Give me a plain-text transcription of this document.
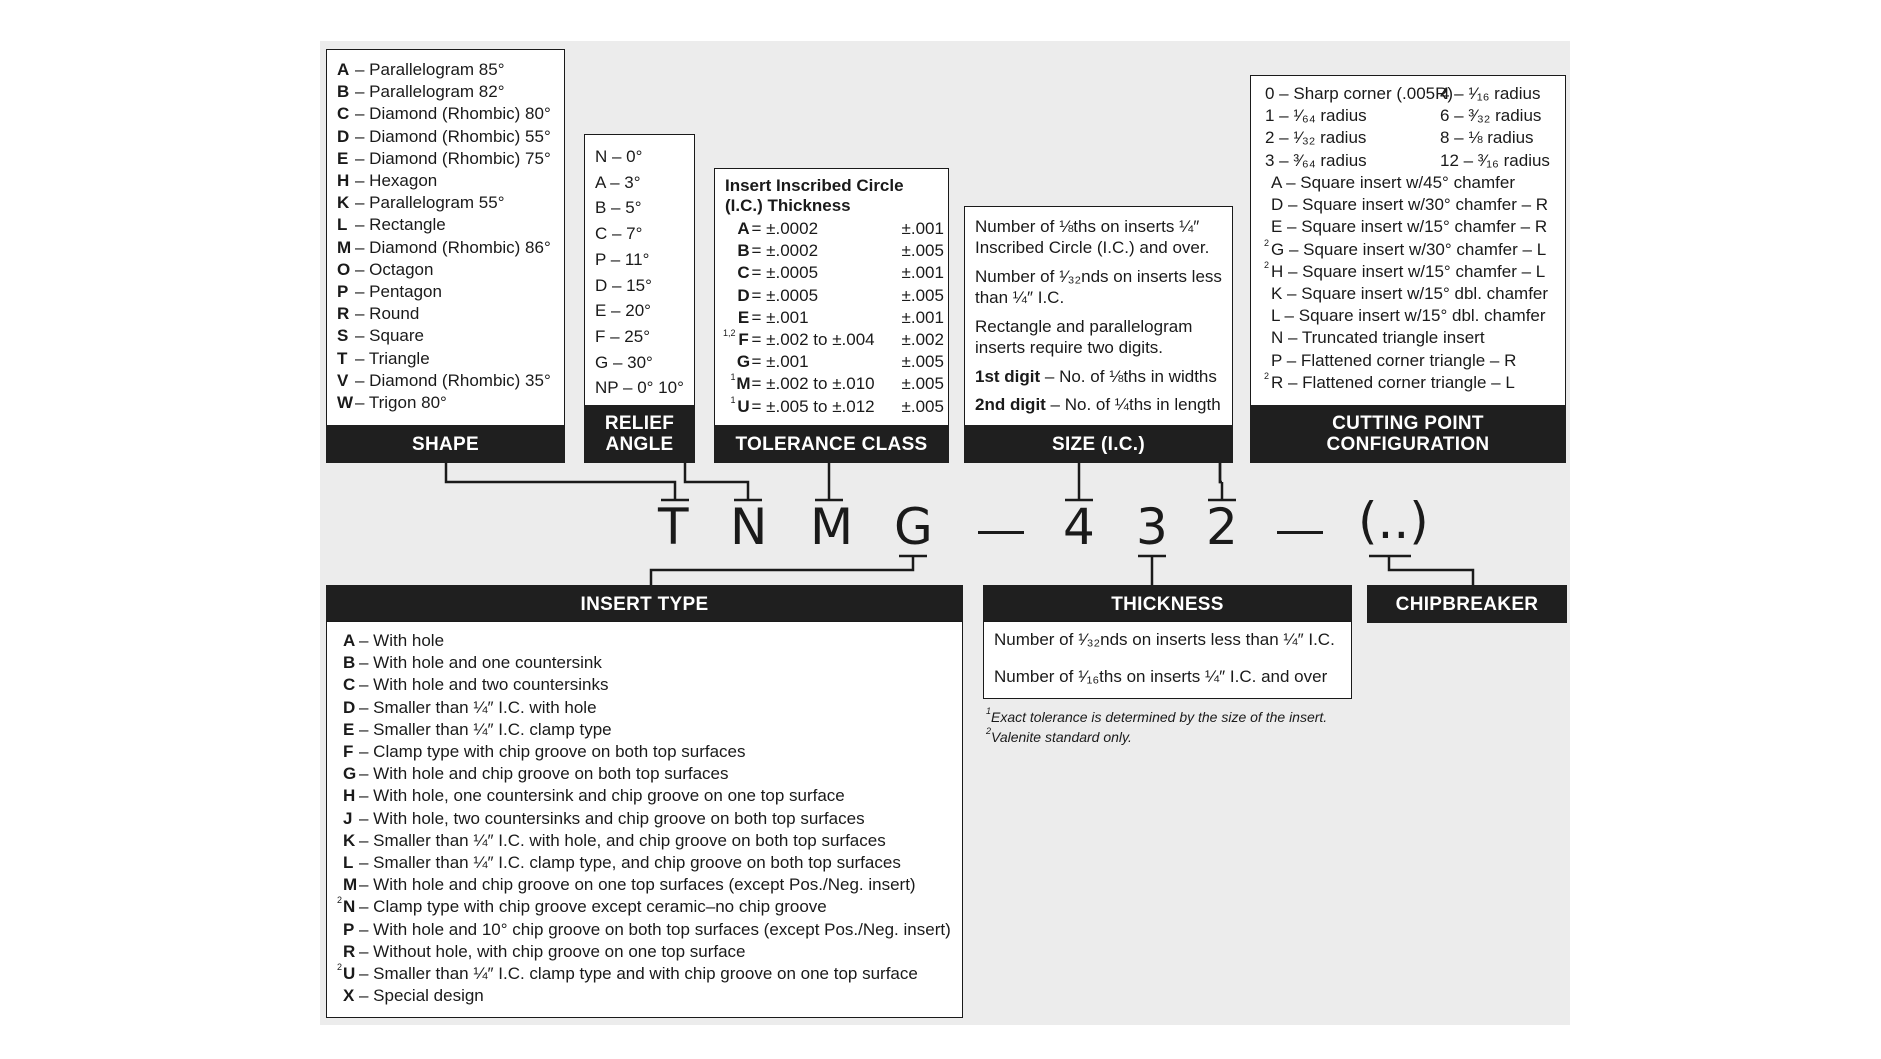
A – Parallelogram 85°
B – Parallelogram 82°
C – Diamond (Rhombic) 80°
D – Diamond (Rhombic) 55°
E – Diamond (Rhombic) 75°
H – Hexagon
K – Parallelogram 55°
L – Rectangle
M – Diamond (Rhombic) 86°
O – Octagon
P – Pentagon
R – Round
S – Square
T – Triangle
V – Diamond (Rhombic) 35°
W – Trigon 80°
SHAPE
N – 0°
A – 3°
B – 5°
C – 7°
P – 11°
D – 15°
E – 20°
F – 25°
G – 30°
NP – 0° 10°
RELIEF
ANGLE
Insert Inscribed Circle
(I.C.) Thickness
	A	= ±.0002	±.001
	B	= ±.0002	±.005
	C	= ±.0005	±.001
	D	= ±.0005	±.005
	E	= ±.001	±.001
$^{1,2}$	F	= ±.002 to ±.004	±.002
	G	= ±.001	±.005
$^1$	M	= ±.002 to ±.010	±.005
$^1$	U	= ±.005 to ±.012	±.005
TOLERANCE CLASS

Number of ⅛ths on inserts ¼″ Inscribed Circle (I.C.) and over.

Number of ¹⁄₃₂nds on inserts less than ¼″ I.C.

Rectangle and parallelogram inserts require two digits.

1st digit – No. of ⅛ths in widths

2nd digit – No. of ¼ths in length

SIZE (I.C.)
0 – Sharp corner (.005R)
1 – ¹⁄₆₄ radius
2 – ¹⁄₃₂ radius
3 – ³⁄₆₄ radius
4 – ¹⁄₁₆ radius
6 – ³⁄₃₂ radius
8 – ⅛ radius
12 – ³⁄₁₆ radius
A – Square insert w/45° chamfer
D – Square insert w/30° chamfer – R
E – Square insert w/15° chamfer – R
$^2$ G – Square insert w/30° chamfer – L
$^2$ H – Square insert w/15° chamfer – L
K – Square insert w/15° dbl. chamfer
L – Square insert w/15° dbl. chamfer
N – Truncated triangle insert
P – Flattened corner triangle – R
$^2$ R – Flattened corner triangle – L
CUTTING POINT
CONFIGURATION
T N M G	4 3 2 (..)
INSERT TYPE
A – With hole
B – With hole and one countersink
C – With hole and two countersinks
D – Smaller than ¼″ I.C. with hole
E – Smaller than ¼″ I.C. clamp type
F – Clamp type with chip groove on both top surfaces
G – With hole and chip groove on both top surfaces
H – With hole, one countersink and chip groove on one top surface
J – With hole, two countersinks and chip groove on both top surfaces
K – Smaller than ¼″ I.C. with hole, and chip groove on both top surfaces
L – Smaller than ¼″ I.C. clamp type, and chip groove on both top surfaces
M – With hole and chip groove on one top surfaces (except Pos./Neg. insert)
$^2$N – Clamp type with chip groove except ceramic–no chip groove
P – With hole and 10° chip groove on both top surfaces (except Pos./Neg. insert)
R – Without hole, with chip groove on one top surface
$^2$U – Smaller than ¼″ I.C. clamp type and with chip groove on one top surface
X – Special design
THICKNESS
Number of ¹⁄₃₂nds on inserts less than ¼″ I.C.
Number of ¹⁄₁₆ths on inserts ¼″ I.C. and over
CHIPBREAKER
$^1$Exact tolerance is determined by the size of the insert.
$^2$Valenite standard only.
